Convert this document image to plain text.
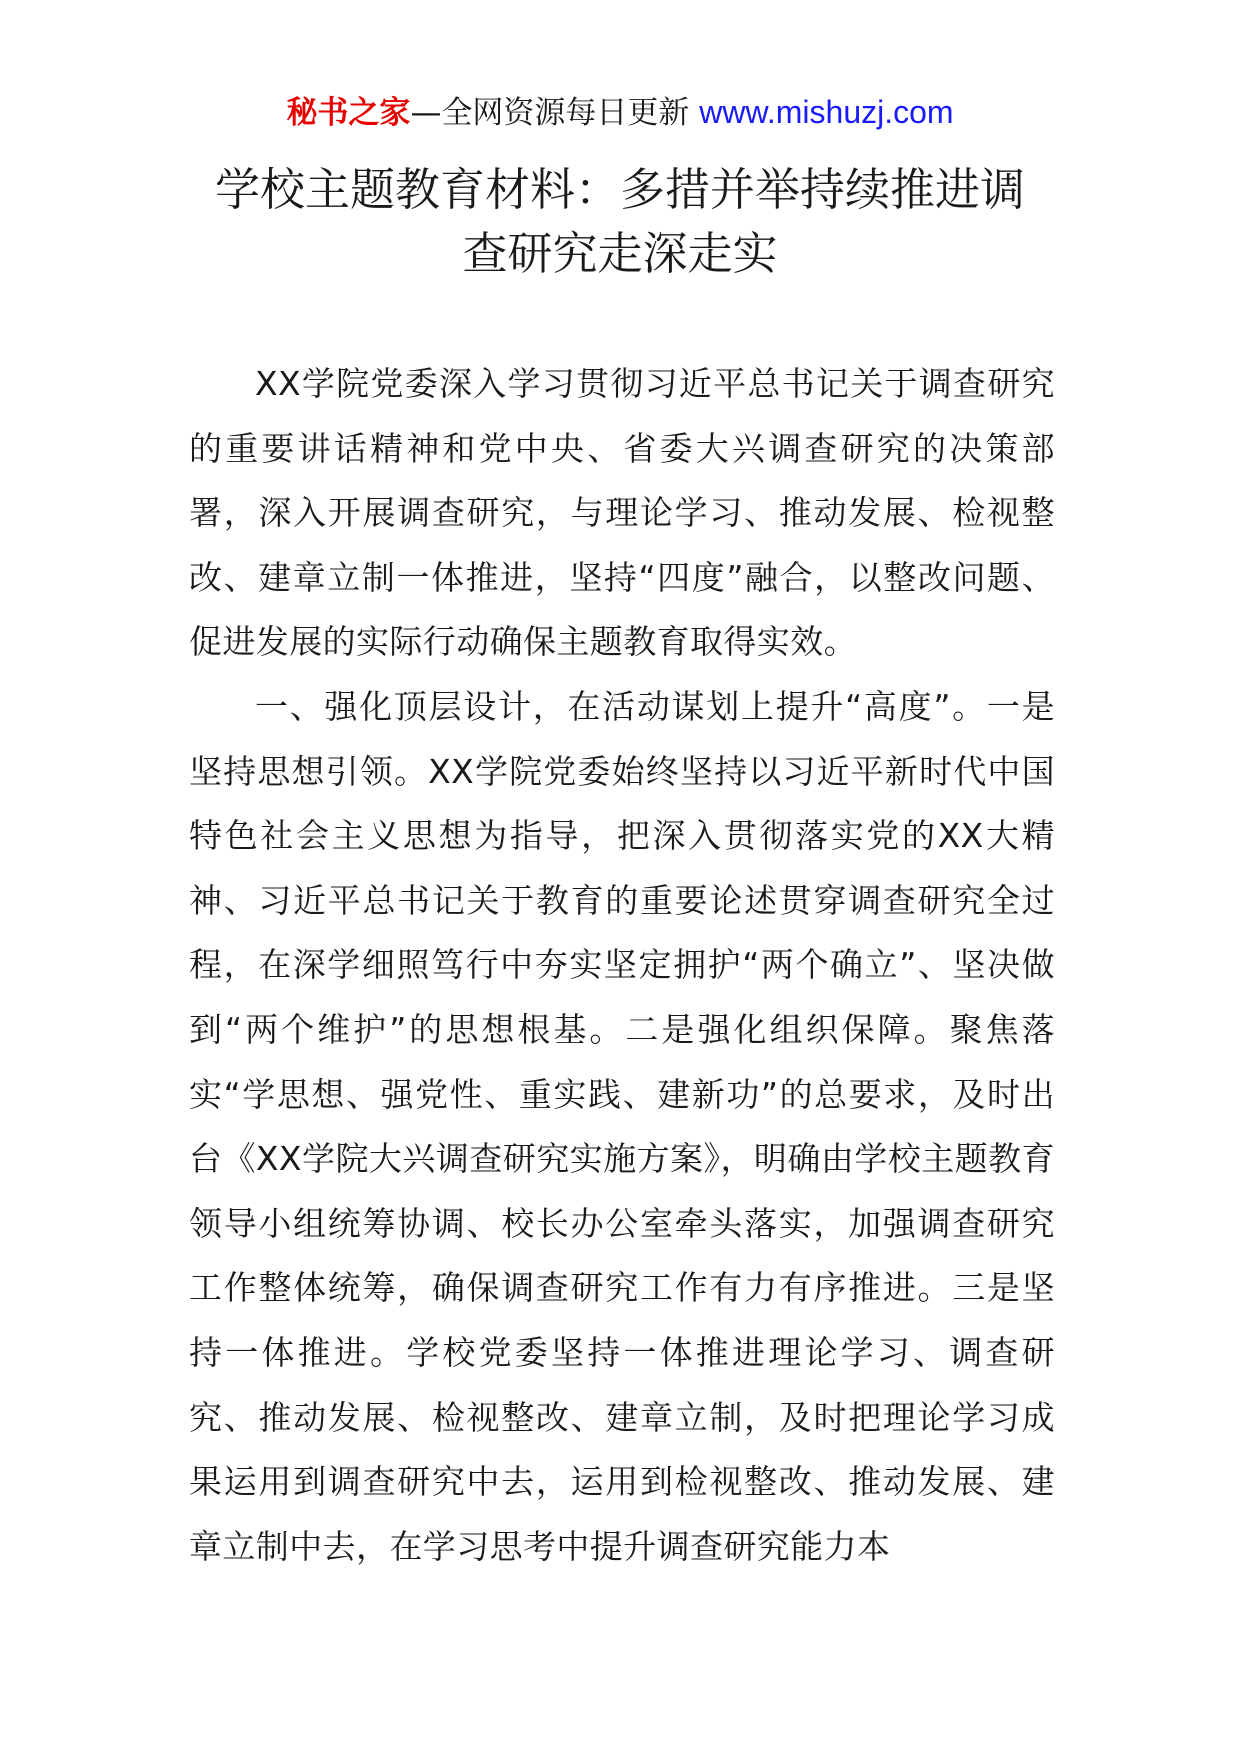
秘书之家—全网资源每日更新 www.mishuzj.com
学校主题教育材料：多措并举持续推进调
查研究走深走实

XX学院党委深入学习贯彻习近平总书记关于调查研究的重要讲话精神和党中央、省委大兴调查研究的决策部署，深入开展调查研究，与理论学习、推动发展、检视整改、建章立制一体推进，坚持“四度”融合，以整改问题、促进发展的实际行动确保主题教育取得实效。

一、强化顶层设计，在活动谋划上提升“高度”。一是坚持思想引领。XX学院党委始终坚持以习近平新时代中国特色社会主义思想为指导，把深入贯彻落实党的XX大精神、习近平总书记关于教育的重要论述贯穿调查研究全过程，在深学细照笃行中夯实坚定拥护“两个确立”、坚决做到“两个维护”的思想根基。二是强化组织保障。聚焦落实“学思想、强党性、重实践、建新功”的总要求，及时出台《XX学院大兴调查研究实施方案》，明确由学校主题教育领导小组统筹协调、校长办公室牵头落实，加强调查研究工作整体统筹，确保调查研究工作有力有序推进。三是坚持一体推进。学校党委坚持一体推进理论学习、调查研究、推动发展、检视整改、建章立制，及时把理论学习成果运用到调查研究中去，运用到检视整改、推动发展、建章立制中去，在学习思考中提升调查研究能力本
